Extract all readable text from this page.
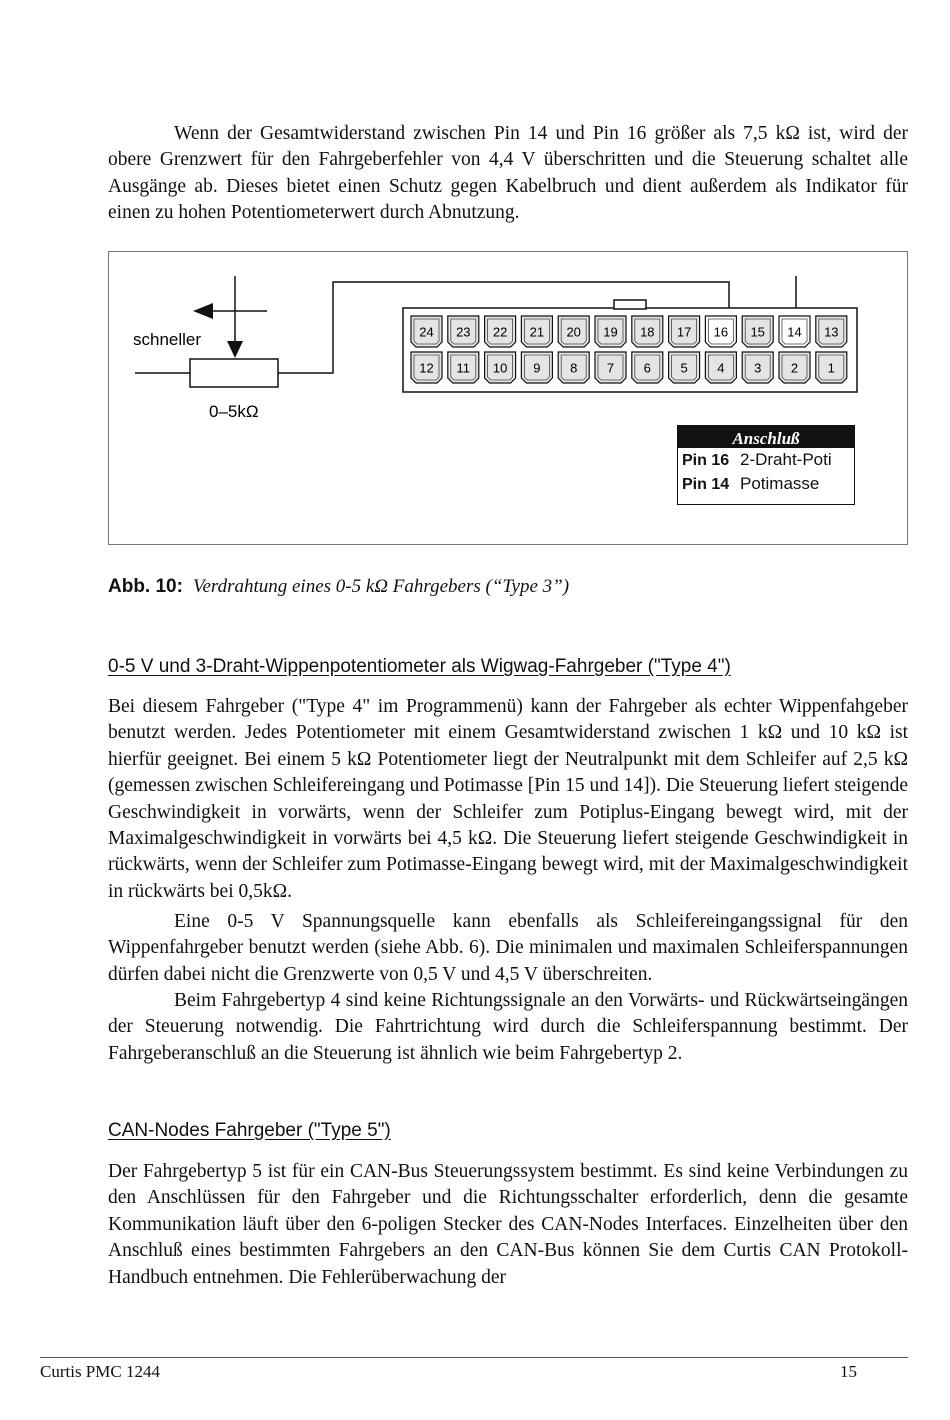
Wenn der Gesamtwiderstand zwischen Pin 14 und Pin 16 größer als 7,5 kΩ ist, wird der obere Grenzwert für den Fahrgeberfehler von 4,4 V überschritten und die Steuerung schaltet alle Ausgänge ab. Dieses bietet einen Schutz gegen Kabelbruch und dient außerdem als Indikator für einen zu hohen Potentiometerwert durch Abnutzung.

24 23 22 21 20 19 18 17 16 15 14 13
12 11 10 9 8 7 6 5 4 3 2 1
schneller
0–5kΩ
Anschluß
Pin 16 2-Draht-Poti
Pin 14 Potimasse
Abb. 10: Verdrahtung eines 0-5 kΩ Fahrgebers (“Type 3”)
0-5 V und 3-Draht-Wippenpotentiometer als Wigwag-Fahrgeber ("Type 4")

Bei diesem Fahrgeber ("Type 4" im Programmenü) kann der Fahrgeber als echter Wippenfahgeber benutzt werden. Jedes Potentiometer mit einem Gesamtwiderstand zwischen 1 kΩ und 10 kΩ ist hierfür geeignet. Bei einem 5 kΩ Potentiometer liegt der Neutralpunkt mit dem Schleifer auf 2,5 kΩ (gemessen zwischen Schleifereingang und Potimasse [Pin 15 und 14]). Die Steuerung liefert steigende Geschwindigkeit in vorwärts, wenn der Schleifer zum Potiplus-Eingang bewegt wird, mit der Maximalgeschwindigkeit in vorwärts bei 4,5 kΩ. Die Steuerung liefert steigende Geschwindigkeit in rückwärts, wenn der Schleifer zum Potimasse-Eingang bewegt wird, mit der Maximalgeschwindigkeit in rückwärts bei 0,5kΩ.

Eine 0-5 V Spannungsquelle kann ebenfalls als Schleifereingangssignal für den Wippenfahrgeber benutzt werden (siehe Abb. 6). Die minimalen und maximalen Schleiferspannungen dürfen dabei nicht die Grenzwerte von 0,5 V und 4,5 V überschreiten.

Beim Fahrgebertyp 4 sind keine Richtungssignale an den Vorwärts- und Rückwärtseingängen der Steuerung notwendig. Die Fahrtrichtung wird durch die Schleiferspannung bestimmt. Der Fahrgeberanschluß an die Steuerung ist ähnlich wie beim Fahrgebertyp 2.

CAN-Nodes Fahrgeber ("Type 5")

Der Fahrgebertyp 5 ist für ein CAN-Bus Steuerungssystem bestimmt. Es sind keine Verbindungen zu den Anschlüssen für den Fahrgeber und die Richtungsschalter erforderlich, denn die gesamte Kommunikation läuft über den 6-poligen Stecker des CAN-Nodes Interfaces. Einzelheiten über den Anschluß eines bestimmten Fahrgebers an den CAN-Bus können Sie dem Curtis CAN Protokoll-Handbuch entnehmen. Die Fehlerüberwachung der

Curtis PMC 1244	15
